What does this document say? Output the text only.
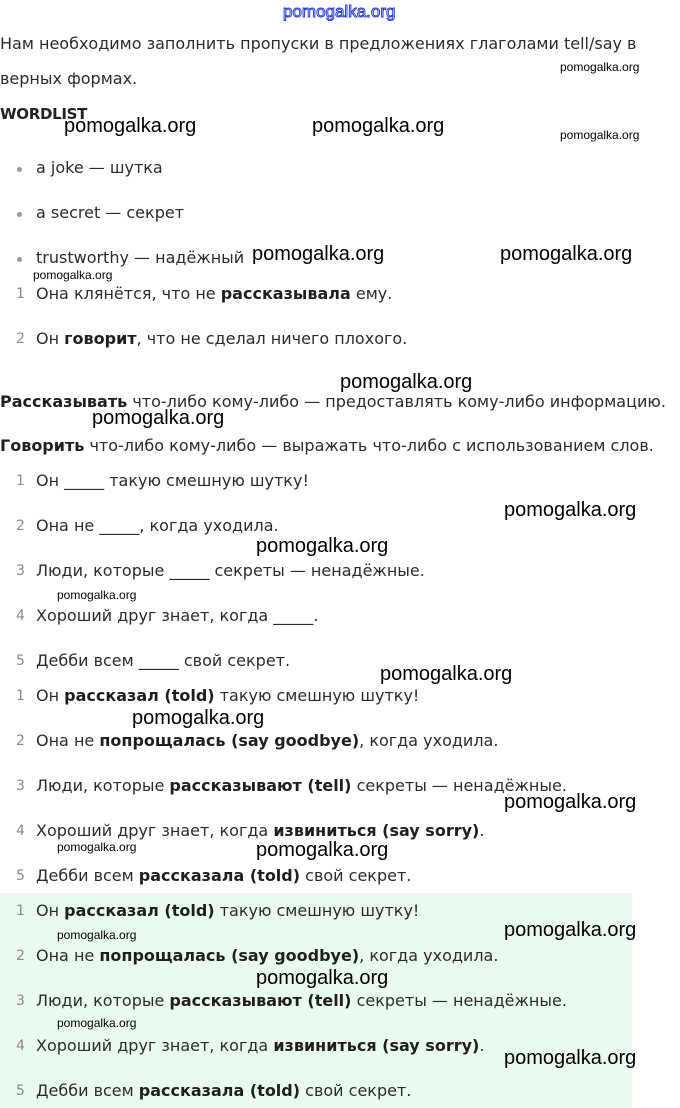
pomogalka.org
Нам необходимо заполнить пропуски в предложениях глаголами tell/say в
верных формах.
WORDLIST
a joke — шутка
a secret — секрет
trustworthy — надёжный
1 Она клянётся, что не рассказывала ему.
2 Он говорит, что не сделал ничего плохого.
Рассказывать что-либо кому-либо — предоставлять кому-либо информацию.
Говорить что-либо кому-либо — выражать что-либо с использованием слов.
1 Он _____ такую смешную шутку!
2 Она не _____, когда уходила.
3 Люди, которые _____ секреты — ненадёжные.
4 Хороший друг знает, когда _____.
5 Дебби всем _____ свой секрет.
1 Он рассказал (told) такую смешную шутку!
2 Она не попрощалась (say goodbye), когда уходила.
3 Люди, которые рассказывают (tell) секреты — ненадёжные.
4 Хороший друг знает, когда извиниться (say sorry).
5 Дебби всем рассказала (told) свой секрет.
1 Он рассказал (told) такую смешную шутку!
2 Она не попрощалась (say goodbye), когда уходила.
3 Люди, которые рассказывают (tell) секреты — ненадёжные.
4 Хороший друг знает, когда извиниться (say sorry).
5 Дебби всем рассказала (told) свой секрет.
pomogalka.org
pomogalka.org	pomogalka.org	pomogalka.org
pomogalka.org	pomogalka.org
pomogalka.org
pomogalka.org
pomogalka.org
pomogalka.org
pomogalka.org
pomogalka.org
pomogalka.org
pomogalka.org
pomogalka.org
pomogalka.org	pomogalka.org
pomogalka.org	pomogalka.org
pomogalka.org
pomogalka.org
pomogalka.org
